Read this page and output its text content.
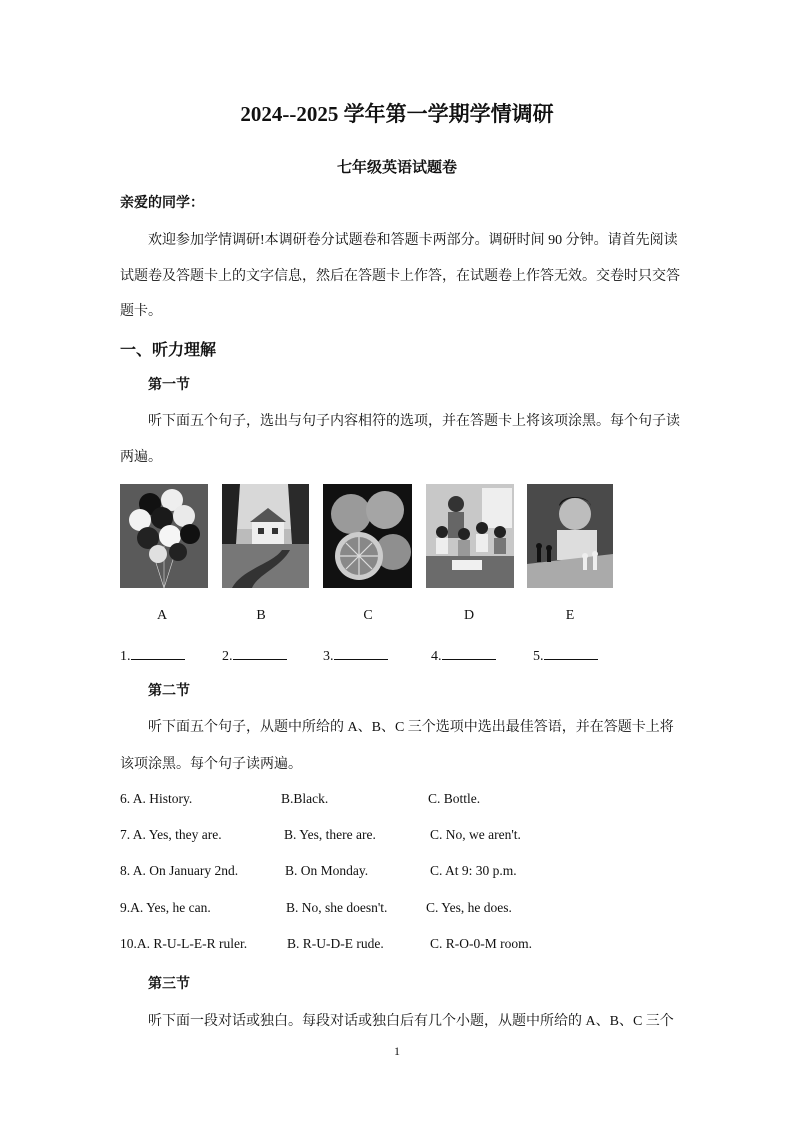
2024--2025 学年第一学期学情调研
七年级英语试题卷
亲爱的同学：
欢迎参加学情调研!本调研卷分试题卷和答题卡两部分。调研时间 90 分钟。请首先阅读
试题卷及答题卡上的文字信息，然后在答题卡上作答，在试题卷上作答无效。交卷时只交答
题卡。
一、听力理解
第一节
听下面五个句子，选出与句子内容相符的选项，并在答题卡上将该项涂黑。每个句子读
两遍。
A	B	C	D	E
1.	2.	3.	4.	5.
第二节
听下面五个句子，从题中所给的 A、B、C 三个选项中选出最佳答语，并在答题卡上将
该项涂黑。每个句子读两遍。
6. A. History.	B.Black.	C. Bottle.
7. A. Yes, they are.	B. Yes, there are.	C. No, we aren't.
8. A. On January 2nd.	B. On Monday.	C. At 9: 30 p.m.
9.A. Yes, he can.	B. No, she doesn't.	C. Yes, he does.
10.A. R-U-L-E-R ruler.	B. R-U-D-E rude.	C. R-O-0-M room.
第三节
听下面一段对话或独白。每段对话或独白后有几个小题，从题中所给的 A、B、C 三个
1
